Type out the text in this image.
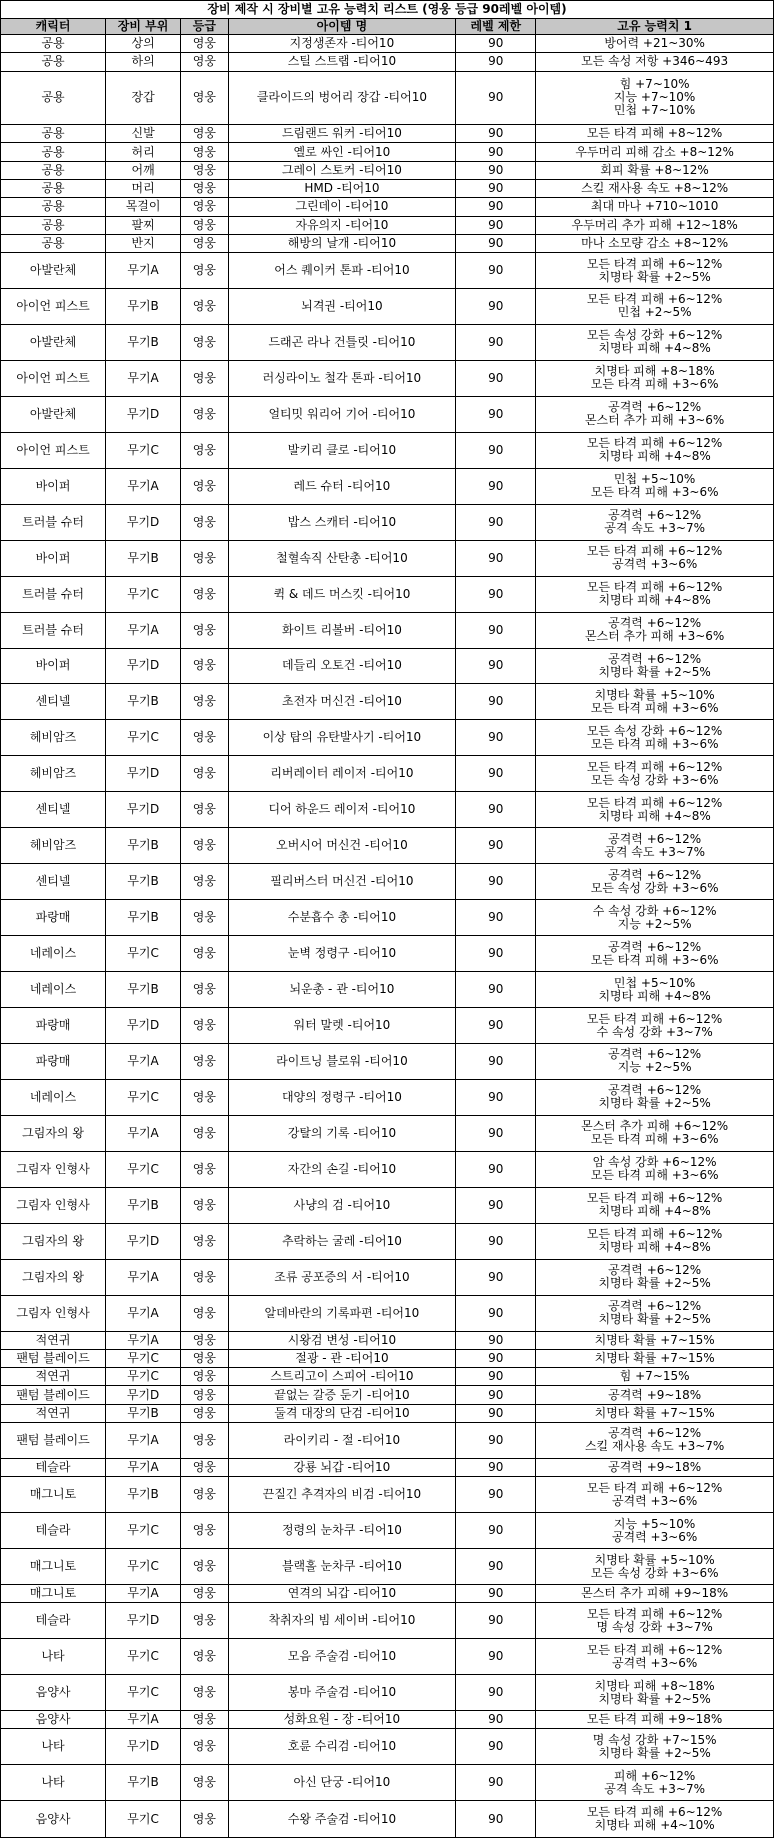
장비 제작 시 장비별 고유 능력치 리스트 (영웅 등급 90레벨 아이템)					
캐릭터	장비 부위	등급	아이템 명	레벨 제한	고유 능력치 1
공용	상의	영웅	지정생존자 -티어10	90	방어력 +21~30%

공용	하의	영웅	스틸 스트랩 -티어10	90	모든 속성 저항 +346~493

공용	장갑	영웅	클라이드의 벙어리 장갑 -티어10	90	힘 +7~10%
지능 +7~10%
민첩 +7~10%

공용	신발	영웅	드림랜드 워커 -티어10	90	모든 타격 피해 +8~12%

공용	허리	영웅	옐로 싸인 -티어10	90	우두머리 피해 감소 +8~12%

공용	어깨	영웅	그레이 스토커 -티어10	90	회피 확률 +8~12%

공용	머리	영웅	HMD -티어10	90	스킬 재사용 속도 +8~12%

공용	목걸이	영웅	그린데이 -티어10	90	최대 마나 +710~1010

공용	팔찌	영웅	자유의지 -티어10	90	우두머리 추가 피해 +12~18%

공용	반지	영웅	해방의 날개 -티어10	90	마나 소모량 감소 +8~12%

아발란체	무기A	영웅	어스 퀘이커 톤파 -티어10	90	모든 타격 피해 +6~12%
치명타 확률 +2~5%

아이언 피스트	무기B	영웅	뇌격권 -티어10	90	모든 타격 피해 +6~12%
민첩 +2~5%

아발란체	무기B	영웅	드래곤 라나 건틀릿 -티어10	90	모든 속성 강화 +6~12%
치명타 피해 +4~8%

아이언 피스트	무기A	영웅	러싱라이노 철각 톤파 -티어10	90	치명타 피해 +8~18%
모든 타격 피해 +3~6%

아발란체	무기D	영웅	얼티밋 워리어 기어 -티어10	90	공격력 +6~12%
몬스터 추가 피해 +3~6%

아이언 피스트	무기C	영웅	발키리 클로 -티어10	90	모든 타격 피해 +6~12%
치명타 피해 +4~8%

바이퍼	무기A	영웅	레드 슈터 -티어10	90	민첩 +5~10%
모든 타격 피해 +3~6%

트러블 슈터	무기D	영웅	밥스 스캐터 -티어10	90	공격력 +6~12%
공격 속도 +3~7%

바이퍼	무기B	영웅	철혈속직 산탄총 -티어10	90	모든 타격 피해 +6~12%
공격력 +3~6%

트러블 슈터	무기C	영웅	퀵 & 데드 머스킷 -티어10	90	모든 타격 피해 +6~12%
치명타 피해 +4~8%

트러블 슈터	무기A	영웅	화이트 리볼버 -티어10	90	공격력 +6~12%
몬스터 추가 피해 +3~6%

바이퍼	무기D	영웅	데들리 오토건 -티어10	90	공격력 +6~12%
치명타 확률 +2~5%

센티넬	무기B	영웅	초전자 머신건 -티어10	90	치명타 확률 +5~10%
모든 타격 피해 +3~6%

헤비암즈	무기C	영웅	이상 탑의 유탄발사기 -티어10	90	모든 속성 강화 +6~12%
모든 타격 피해 +3~6%

헤비암즈	무기D	영웅	리버레이터 레이저 -티어10	90	모든 타격 피해 +6~12%
모든 속성 강화 +3~6%

센티넬	무기D	영웅	디어 하운드 레이저 -티어10	90	모든 타격 피해 +6~12%
치명타 피해 +4~8%

헤비암즈	무기B	영웅	오버시어 머신건 -티어10	90	공격력 +6~12%
공격 속도 +3~7%

센티넬	무기B	영웅	필리버스터 머신건 -티어10	90	공격력 +6~12%
모든 속성 강화 +3~6%

파랑매	무기B	영웅	수분흡수 총 -티어10	90	수 속성 강화 +6~12%
지능 +2~5%

네레이스	무기C	영웅	눈벽 정령구 -티어10	90	공격력 +6~12%
모든 타격 피해 +3~6%

네레이스	무기B	영웅	뇌운총 - 관 -티어10	90	민첩 +5~10%
치명타 피해 +4~8%

파랑매	무기D	영웅	워터 말렛 -티어10	90	모든 타격 피해 +6~12%
수 속성 강화 +3~7%

파랑매	무기A	영웅	라이트닝 블로워 -티어10	90	공격력 +6~12%
지능 +2~5%

네레이스	무기C	영웅	대양의 정령구 -티어10	90	공격력 +6~12%
치명타 확률 +2~5%

그림자의 왕	무기A	영웅	강탈의 기록 -티어10	90	몬스터 추가 피해 +6~12%
모든 타격 피해 +3~6%

그림자 인형사	무기C	영웅	자간의 손길 -티어10	90	암 속성 강화 +6~12%
모든 타격 피해 +3~6%

그림자 인형사	무기B	영웅	사냥의 검 -티어10	90	모든 타격 피해 +6~12%
치명타 피해 +4~8%

그림자의 왕	무기D	영웅	추락하는 굴레 -티어10	90	모든 타격 피해 +6~12%
치명타 피해 +4~8%

그림자의 왕	무기A	영웅	조류 공포증의 서 -티어10	90	공격력 +6~12%
치명타 확률 +2~5%

그림자 인형사	무기A	영웅	알데바란의 기록파편 -티어10	90	공격력 +6~12%
치명타 확률 +2~5%

적연귀	무기A	영웅	시왕검 변성 -티어10	90	치명타 확률 +7~15%

팬텀 블레이드	무기C	영웅	절광 - 관 -티어10	90	치명타 확률 +7~15%

적연귀	무기C	영웅	스트리고이 스피어 -티어10	90	힘 +7~15%

팬텀 블레이드	무기D	영웅	끝없는 갈증 둔기 -티어10	90	공격력 +9~18%

적연귀	무기B	영웅	둘격 대장의 단검 -티어10	90	치명타 확률 +7~15%

팬텀 블레이드	무기A	영웅	라이키리 - 절 -티어10	90	공격력 +6~12%
스킬 재사용 속도 +3~7%

테슬라	무기A	영웅	강룡 뇌갑 -티어10	90	공격력 +9~18%

매그니토	무기B	영웅	끈질긴 추격자의 비검 -티어10	90	모든 타격 피해 +6~12%
공격력 +3~6%

테슬라	무기C	영웅	정령의 눈차쿠 -티어10	90	지능 +5~10%
공격력 +3~6%

매그니토	무기C	영웅	블랙홀 눈차쿠 -티어10	90	치명타 확률 +5~10%
모든 속성 강화 +3~6%

매그니토	무기A	영웅	연격의 뇌갑 -티어10	90	몬스터 추가 피해 +9~18%

테슬라	무기D	영웅	착취자의 빔 세이버 -티어10	90	모든 타격 피해 +6~12%
명 속성 강화 +3~7%

나타	무기C	영웅	모음 주술검 -티어10	90	모든 타격 피해 +6~12%
공격력 +3~6%

음양사	무기C	영웅	봉마 주술검 -티어10	90	치명타 피해 +8~18%
치명타 확률 +2~5%

음양사	무기A	영웅	성화요원 - 장 -티어10	90	모든 타격 피해 +9~18%

나타	무기D	영웅	호륜 수리검 -티어10	90	명 속성 강화 +7~15%
치명타 확률 +2~5%

나타	무기B	영웅	아신 단궁 -티어10	90	피해 +6~12%
공격 속도 +3~7%

음양사	무기C	영웅	수왕 주술검 -티어10	90	모든 타격 피해 +6~12%
치명타 피해 +4~10%
